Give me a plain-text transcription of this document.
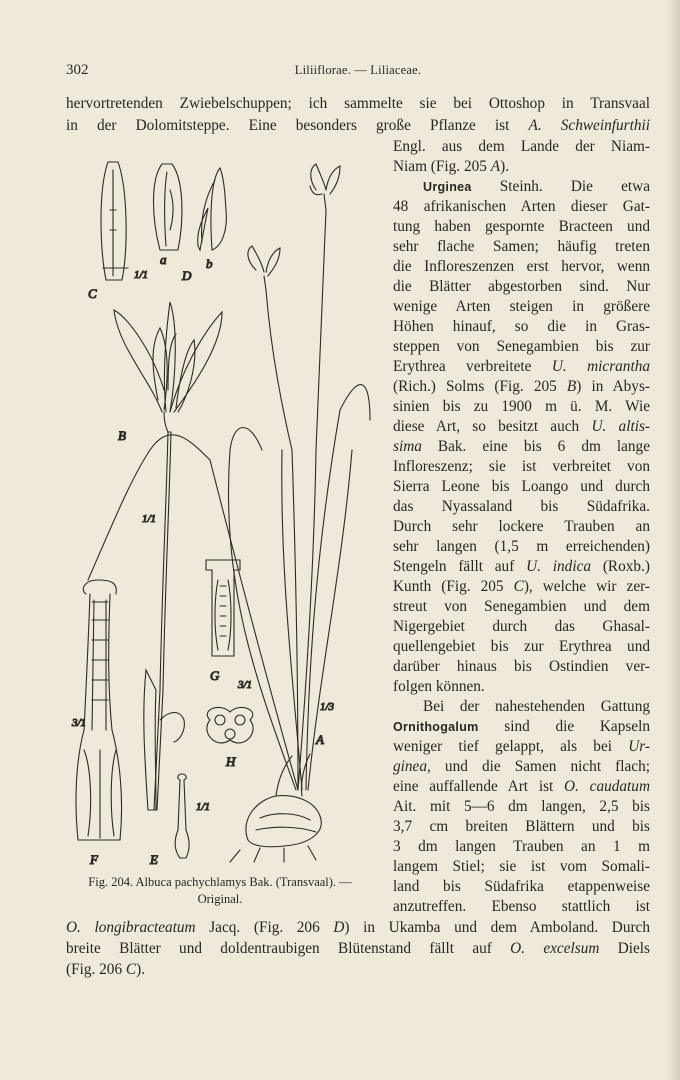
302	Liliiflorae. — Liliaceae.
hervortretenden Zwiebelschuppen; ich sammelte sie bei Ottoshop in Transvaal
in der Dolomitsteppe. Eine besonders große Pflanze ist A. Schweinfurthii
Engl. aus dem Lande der Niam-
Niam (Fig. 205 A).
Urginea Steinh. Die etwa
48 afrikanischen Arten dieser Gat-
tung haben gespornte Bracteen und
sehr flache Samen; häufig treten
die Infloreszenzen erst hervor, wenn
die Blätter abgestorben sind. Nur
wenige Arten steigen in größere
Höhen hinauf, so die in Gras-
steppen von Senegambien bis zur
Erythrea verbreitete U. micrantha
(Rich.) Solms (Fig. 205 B) in Abys-
sinien bis zu 1900 m ü. M. Wie
diese Art, so besitzt auch U. altis-
sima Bak. eine bis 6 dm lange
Infloreszenz; sie ist verbreitet von
Sierra Leone bis Loango und durch
das Nyassaland bis Südafrika.
Durch sehr lockere Trauben an
sehr langen (1,5 m erreichenden)
Stengeln fällt auf U. indica (Roxb.)
Kunth (Fig. 205 C), welche wir zer-
streut von Senegambien und dem
Nigergebiet durch das Ghasal-
quellengebiet bis zur Erythrea und
darüber hinaus bis Ostindien ver-
folgen können.
Bei der nahestehenden Gattung
Ornithogalum sind die Kapseln
weniger tief gelappt, als bei Ur-
ginea, und die Samen nicht flach;
eine auffallende Art ist O. caudatum
Ait. mit 5—6 dm langen, 2,5 bis
3,7 cm breiten Blättern und bis
3 dm langen Trauben an 1 m
langem Stiel; sie ist vom Somali-
land bis Südafrika etappenweise
anzutreffen. Ebenso stattlich ist
O. longibracteatum Jacq. (Fig. 206 D) in Ukamba und dem Amboland. Durch
breite Blätter und doldentraubigen Blütenstand fällt auf O. excelsum Diels
(Fig. 206 C).
Fig. 204. Albuca pachychlamys Bak. (Transvaal). —
Original.
C
1/1
a	b
D
B
1/1
A
1/3
G
3/1
H
F
3/1
E
1/1
